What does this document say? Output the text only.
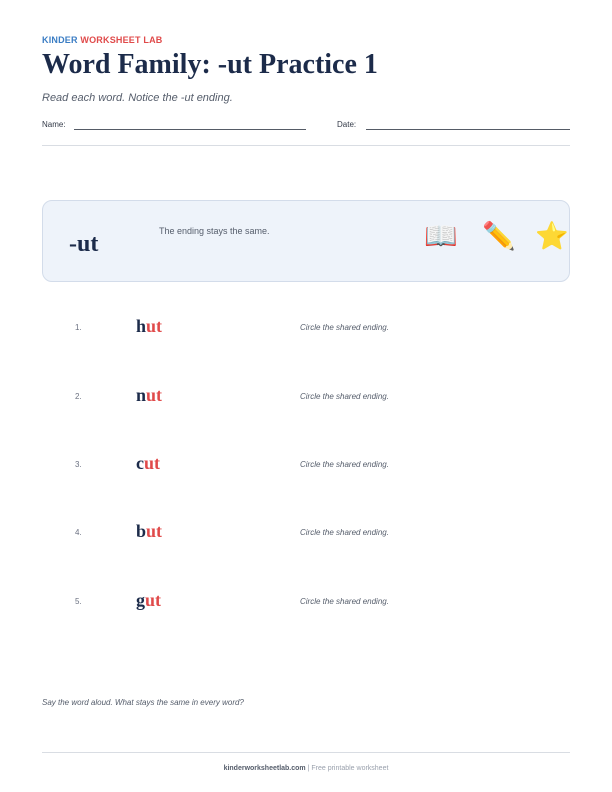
KINDER WORKSHEET LAB
Word Family: -ut Practice 1
Read each word. Notice the -ut ending.
Name:	Date:
-ut	The ending stays the same.	📖 ✏️ ⭐
1.	hut	Circle the shared ending.
2.	nut	Circle the shared ending.
3.	cut	Circle the shared ending.
4.	but	Circle the shared ending.
5.	gut	Circle the shared ending.
Say the word aloud. What stays the same in every word?
kinderworksheetlab.com | Free printable worksheet
